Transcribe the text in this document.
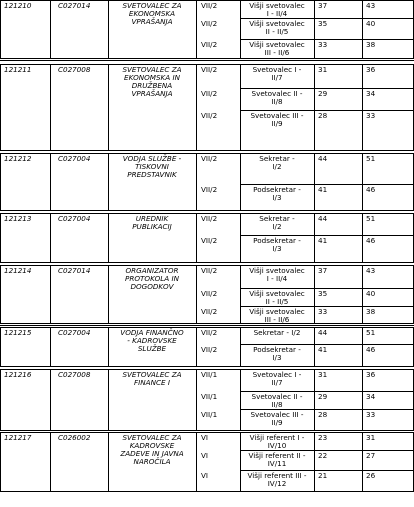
121210	C027014	SVETOVALEC ZA
EKONOMSKA
VPRAŠANJA
VII/2	Višji svetovalec
I - II/4
37	43
VII/2	Višji svetovalec
II - II/5
35	40
VII/2	Višji svetovalec
III - II/6
33	38
121211	C027008	SVETOVALEC ZA
EKONOMSKA IN
DRUŽBENA
VPRAŠANJA
VII/2	Svetovalec I -
II/7
31	36
VII/2	Svetovalec II -
II/8
29	34
VII/2	Svetovalec III -
II/9
28	33
121212	C027004	VODJA SLUŽBE -
TISKOVNI
PREDSTAVNIK
VII/2	Sekretar -
I/2
44	51
VII/2	Podsekretar -
I/3
41	46
121213	C027004	UREDNIK
PUBLIKACIJ
VII/2	Sekretar -
I/2
44	51
VII/2	Podsekretar -
I/3
41	46
121214	C027014	ORGANIZATOR
PROTOKOLA IN
DOGODKOV
VII/2	Višji svetovalec
I - II/4
37	43
VII/2	Višji svetovalec
II - II/5
35	40
VII/2	Višji svetovalec
III - II/6
33	38
121215	C027004	VODJA FINANČNO
- KADROVSKE
SLUŽBE
VII/2	Sekretar - I/2	44	51
VII/2	Podsekretar -
I/3
41	46
121216	C027008	SVETOVALEC ZA
FINANCE I
VII/1	Svetovalec I -
II/7
31	36
VII/1	Svetovalec II -
II/8
29	34
VII/1	Svetovalec III -
II/9
28	33
121217	C026002	SVETOVALEC ZA
KADROVSKE
ZADEVE IN JAVNA
NAROČILA
VI	Višji referent I -
IV/10
23	31
VI	Višji referent II -
IV/11
22	27
VI	Višji referent III -
IV/12
21	26
